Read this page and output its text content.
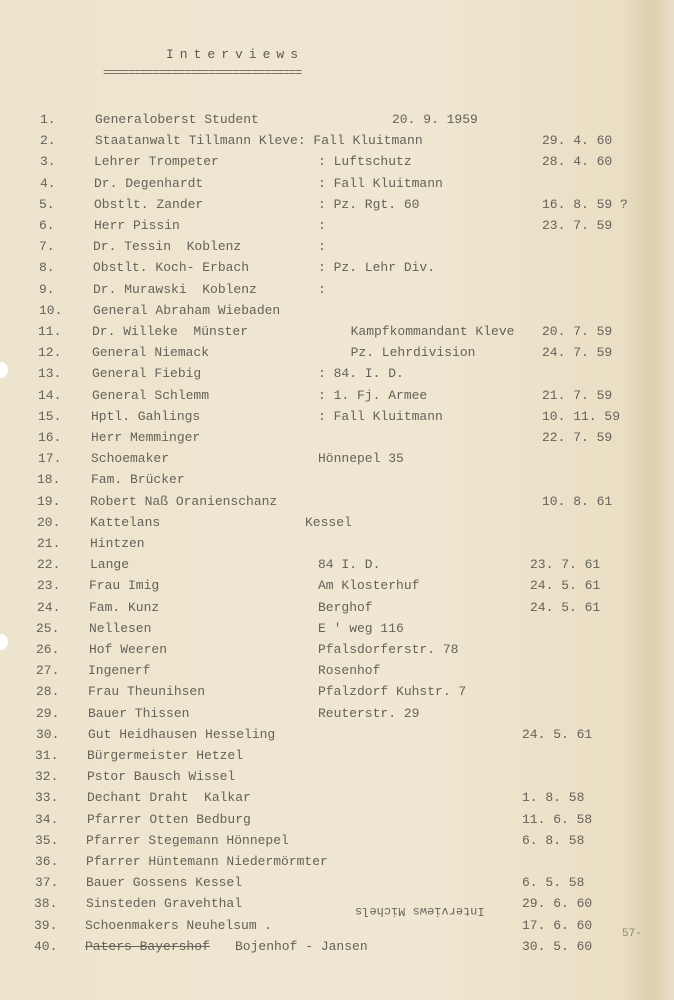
Interviews
================================
1.	Generaloberst Student	20. 9. 1959
2.	Staatanwalt Tillmann Kleve: Fall Kluitmann	29. 4. 60
3.	Lehrer Trompeter	: Luftschutz	28. 4. 60
4.	Dr. Degenhardt	: Fall Kluitmann
5.	Obstlt. Zander	: Pz. Rgt. 60	16. 8. 59 ?
6.	Herr Pissin	:	23. 7. 59
7.	Dr. Tessin  Koblenz	:
8.	Obstlt. Koch- Erbach	: Pz. Lehr Div.
9.	Dr. Murawski  Koblenz	:
10. General Abraham Wiebaden
11. Dr. Willeke  Münster	Kampfkommandant Kleve 20. 7. 59
12. General Niemack	Pz. Lehrdivision	24. 7. 59
13. General Fiebig	: 84. I. D.
14. General Schlemm	: 1. Fj. Armee	21. 7. 59
15. Hptl. Gahlings	: Fall Kluitmann	10. 11. 59
16. Herr Memminger	22. 7. 59
17. Schoemaker	Hönnepel 35
18. Fam. Brücker
19. Robert Naß Oranienschanz	10. 8. 61
20. Kattelans	Kessel
21. Hintzen
22. Lange	84 I. D.	23. 7. 61
23. Frau Imig	Am Klosterhuf	24. 5. 61
24. Fam. Kunz	Berghof	24. 5. 61
25. Nellesen	E ' weg 116
26. Hof Weeren	Pfalsdorferstr. 78
27. Ingenerf	Rosenhof
28. Frau Theunihsen	Pfalzdorf Kuhstr. 7
29. Bauer Thissen	Reuterstr. 29
30. Gut Heidhausen Hesseling	24. 5. 61
31. Bürgermeister Hetzel
32. Pstor Bausch Wissel
33. Dechant Draht  Kalkar	1. 8. 58
34. Pfarrer Otten Bedburg	11. 6. 58
35. Pfarrer Stegemann Hönnepel	6. 8. 58
36. Pfarrer Hüntemann Niedermörmter
37. Bauer Gossens Kessel	6. 5. 58
38. Sinsteden Gravehthal	29. 6. 60
39. Schoenmakers Neuhelsum .	17. 6. 60
40. Paters Bayershof Bojenhof - Jansen	30. 5. 60
Interviews Michels
57-
